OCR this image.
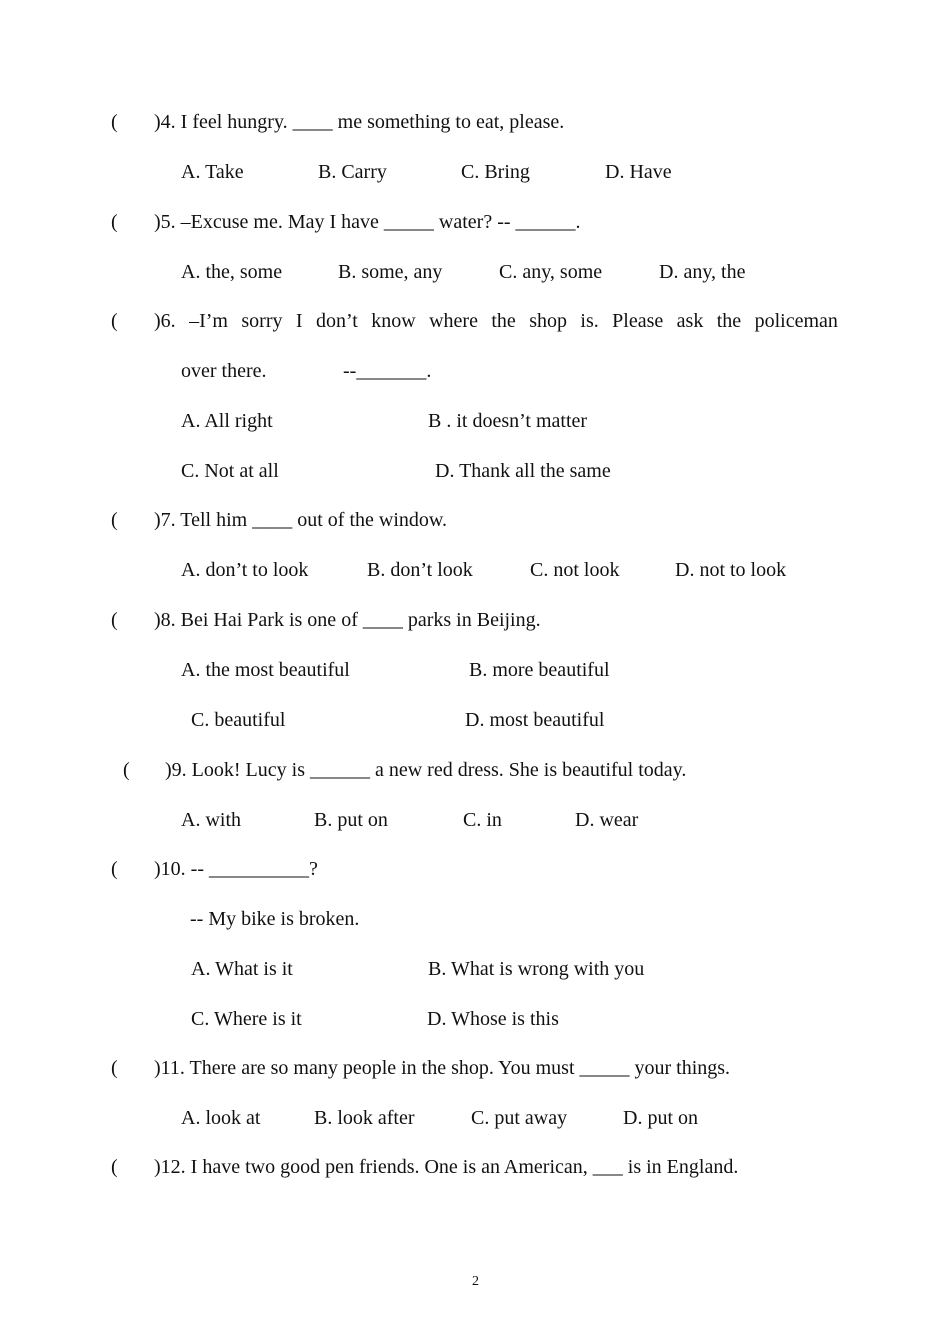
( )4. I feel hungry. ____ me something to eat, please.
A. Take	B. Carry	C. Bring	D. Have
( )5. –Excuse me. May I have _____ water? -- ______.
A. the, some	B. some, any	C. any, some	D. any, the
( )6. –I’m sorry I don’t know where the shop is. Please ask the policeman
over there.	--_______.
A. All right	B . it doesn’t matter
C. Not at all	D. Thank all the same
( )7. Tell him ____ out of the window.
A. don’t to look	B. don’t look	C. not look	D. not to look
( )8. Bei Hai Park is one of ____ parks in Beijing.
A. the most beautiful	B. more beautiful
C. beautiful	D. most beautiful
( )9. Look! Lucy is ______ a new red dress. She is beautiful today.
A. with	B. put on	C. in	D. wear
( )10. -- __________?
-- My bike is broken.
A. What is it	B. What is wrong with you
C. Where is it	D. Whose is this
( )11. There are so many people in the shop. You must _____ your things.
A. look at	B. look after	C. put away	D. put on
( )12. I have two good pen friends. One is an American, ___ is in England.
2
